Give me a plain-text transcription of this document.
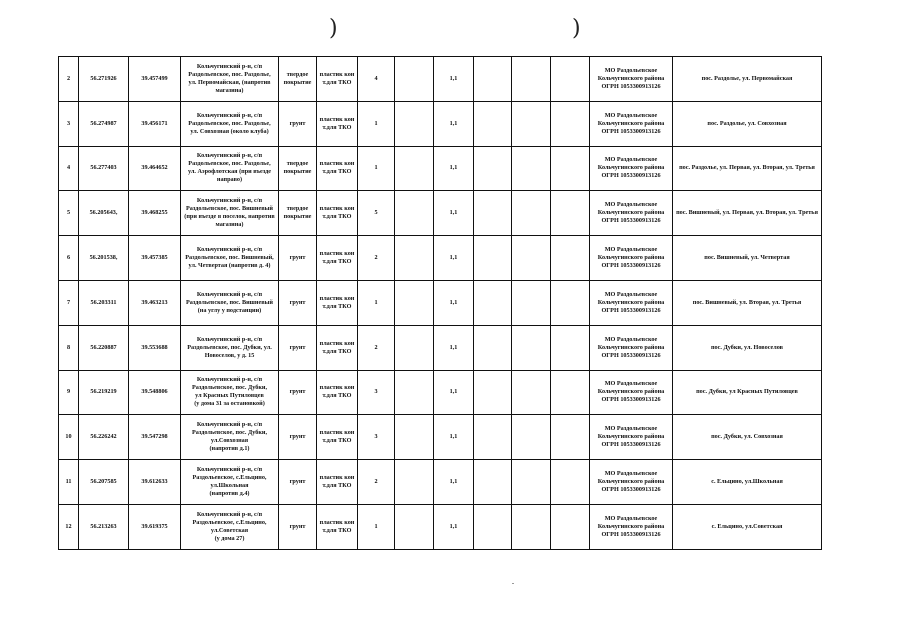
)	)
2	56.271926	39.457499	Кольчугинский р-н, с/п
Раздольевское, пос. Раздолье,
ул. Первомайская, (напротив
магазина)	твердое покрытие	пластик кон т.для ТКО	4		1,1				МО Раздольевское
Кольчугинского района
ОГРН 1053300913126	пос. Раздолье, ул. Первомайская
3	56.274987	39.456171	Кольчугинский р-н, с/п
Раздольевское, пос. Раздолье,
ул. Совхозная (около клуба)	грунт	пластик кон т.для ТКО	1		1,1				МО Раздольевское
Кольчугинского района
ОГРН 1053300913126	пос. Раздолье, ул. Совхозная
4	56.277403	39.464652	Кольчугинский р-н, с/п
Раздольевское, пос. Раздолье,
ул. Аэрофлотская (при въезде
направо)	твердое покрытие	пластик кон т.для ТКО	1		1,1				МО Раздольевское
Кольчугинского района
ОГРН 1053300913126	пос. Раздолье, ул. Первая, ул. Вторая, ул. Третья
5	56.205643,	39.468255	Кольчугинский р-н, с/п
Раздольевское, пос. Вишневый
(при въезде в поселок, напротив
магазина)	твердое покрытие	пластик кон т.для ТКО	5		1,1				МО Раздольевское
Кольчугинского района
ОГРН 1053300913126	пос. Вишневый, ул. Первая, ул. Вторая, ул. Третья
6	56.201538,	39.457385	Кольчугинский р-н, с/п
Раздольевское, пос. Вишневый,
ул. Четвертая (напротив д. 4)	грунт	пластик кон т.для ТКО	2		1,1				МО Раздольевское
Кольчугинского района
ОГРН 1053300913126	пос. Вишневый, ул. Четвертая
7	56.203311	39.463213	Кольчугинский р-н, с/п
Раздольевское, пос. Вишневый
(на углу у подстанции)	грунт	пластик кон т.для ТКО	1		1,1				МО Раздольевское
Кольчугинского района
ОГРН 1053300913126	пос. Вишневый, ул. Вторая, ул. Третья
8	56.220887	39.553688	Кольчугинский р-н, с/п
Раздольевское, пос. Дубки, ул.
Новоселов, у д. 15	грунт	пластик кон т.для ТКО	2		1,1				МО Раздольевское
Кольчугинского района
ОГРН 1053300913126	пос. Дубки, ул. Новоселов
9	56.219219	39.548806	Кольчугинский р-н, с/п
Раздольевское, пос. Дубки,
ул Красных Путиловцев
(у дома 31 за остановкой)	грунт	пластик кон т.для ТКО	3		1,1				МО Раздольевское
Кольчугинского района
ОГРН 1053300913126	пос. Дубки, ул Красных Путиловцев
10	56.226242	39.547298	Кольчугинский р-н, с/п
Раздольевское, пос. Дубки,
ул.Совхозная
(напротив д.1)	грунт	пластик кон т.для ТКО	3		1,1				МО Раздольевское
Кольчугинского района
ОГРН 1053300913126	пос. Дубки, ул. Совхозная
11	56.207585	39.612633	Кольчугинский р-н, с/п
Раздольевское, с.Ельцино,
ул.Школьная
(напротив д.4)	грунт	пластик кон т.для ТКО	2		1,1				МО Раздольевское
Кольчугинского района
ОГРН 1053300913126	с. Ельцино, ул.Школьная
12	56.213263	39.619375	Кольчугинский р-н, с/п
Раздольевское, с.Ельцино,
ул.Советская
(у дома 27)	грунт	пластик кон т.для ТКО	1		1,1				МО Раздольевское
Кольчугинского района
ОГРН 1053300913126	с. Ельцино, ул.Советская
